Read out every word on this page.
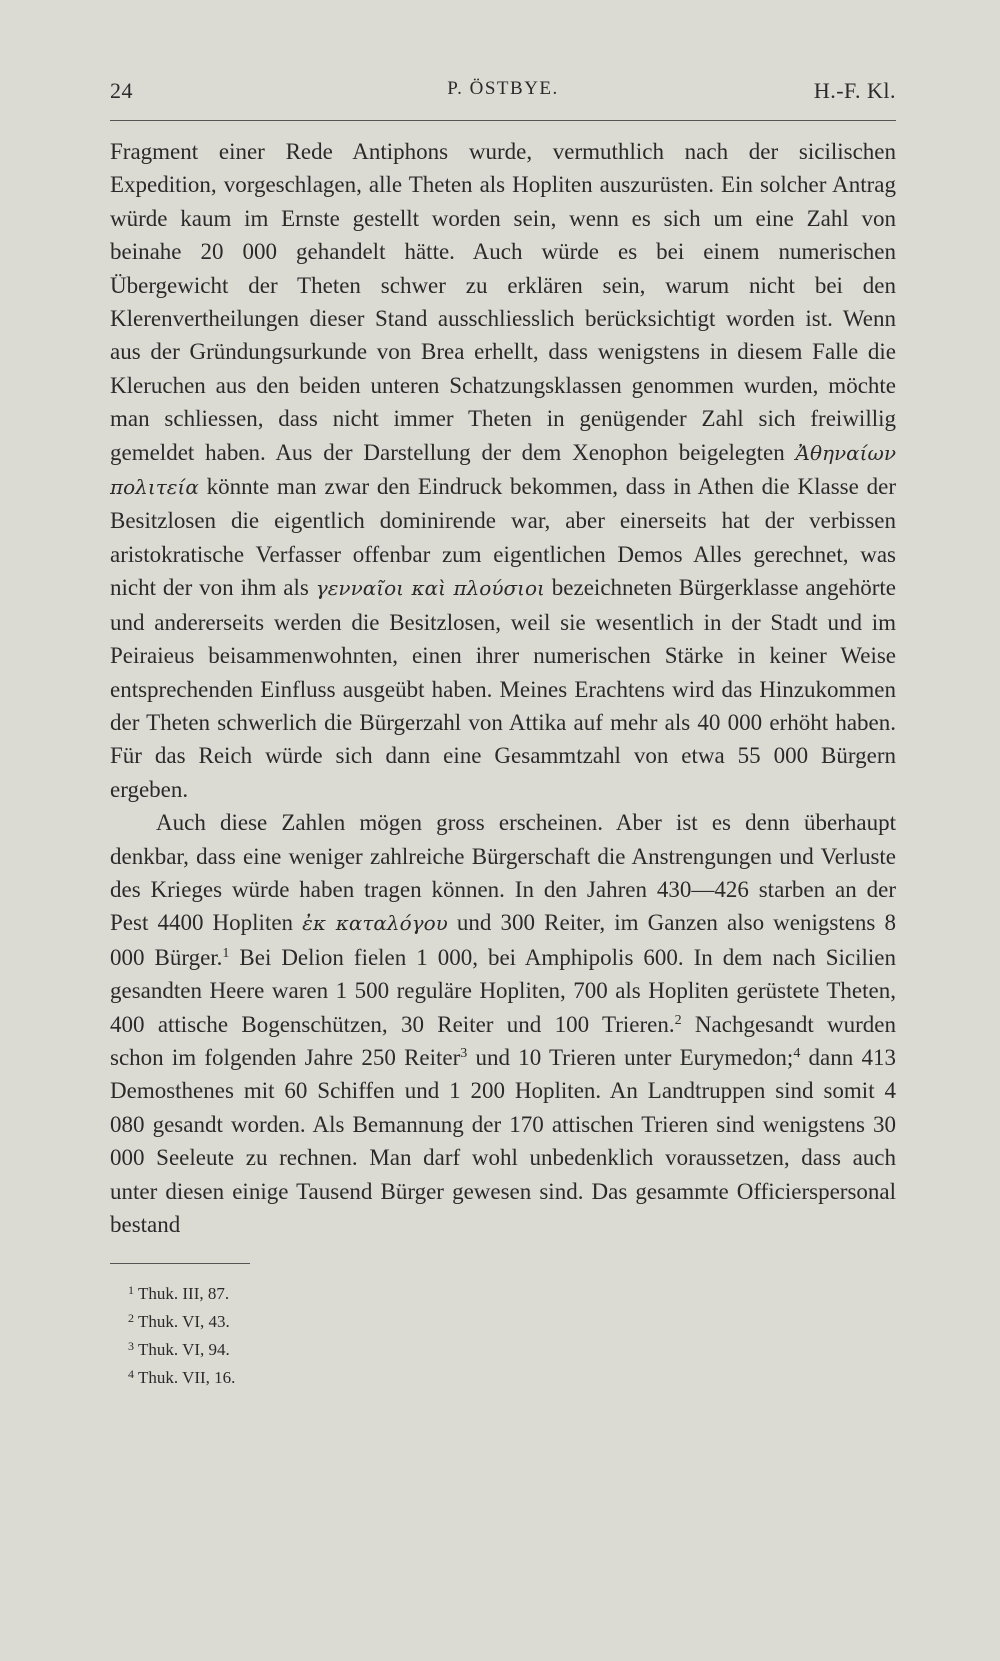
24	P. ÖSTBYE.	H.-F. Kl.

Fragment einer Rede Antiphons wurde, vermuthlich nach der sicilischen Expedition, vorgeschlagen, alle Theten als Hopliten auszurüsten. Ein solcher Antrag würde kaum im Ernste gestellt worden sein, wenn es sich um eine Zahl von beinahe 20 000 gehandelt hätte. Auch würde es bei einem numerischen Übergewicht der Theten schwer zu erklären sein, warum nicht bei den Klerenvertheilungen dieser Stand ausschliesslich berücksichtigt worden ist. Wenn aus der Gründungsurkunde von Brea erhellt, dass wenigstens in diesem Falle die Kleruchen aus den beiden unteren Schatzungsklassen genommen wurden, möchte man schliessen, dass nicht immer Theten in genügender Zahl sich freiwillig gemeldet haben. Aus der Darstellung der dem Xenophon beigelegten Ἀθηναίων πολιτεία könnte man zwar den Eindruck bekommen, dass in Athen die Klasse der Besitzlosen die eigentlich dominirende war, aber einerseits hat der verbissen aristokratische Verfasser offenbar zum eigentlichen Demos Alles gerechnet, was nicht der von ihm als γενναῖοι καὶ πλούσιοι bezeichneten Bürgerklasse angehörte und andererseits werden die Besitzlosen, weil sie wesentlich in der Stadt und im Peiraieus beisammenwohnten, einen ihrer numerischen Stärke in keiner Weise entsprechenden Einfluss ausgeübt haben. Meines Erachtens wird das Hinzukommen der Theten schwerlich die Bürgerzahl von Attika auf mehr als 40 000 erhöht haben. Für das Reich würde sich dann eine Gesammtzahl von etwa 55 000 Bürgern ergeben.

Auch diese Zahlen mögen gross erscheinen. Aber ist es denn überhaupt denkbar, dass eine weniger zahlreiche Bürgerschaft die Anstrengungen und Verluste des Krieges würde haben tragen können. In den Jahren 430—426 starben an der Pest 4400 Hopliten ἐκ καταλόγου und 300 Reiter, im Ganzen also wenigstens 8 000 Bürger.$^1$ Bei Delion fielen 1 000, bei Amphipolis 600. In dem nach Sicilien gesandten Heere waren 1 500 reguläre Hopliten, 700 als Hopliten gerüstete Theten, 400 attische Bogenschützen, 30 Reiter und 100 Trieren.$^2$ Nachgesandt wurden schon im folgenden Jahre 250 Reiter$^3$ und 10 Trieren unter Eurymedon;$^4$ dann 413 Demosthenes mit 60 Schiffen und 1 200 Hopliten. An Landtruppen sind somit 4 080 gesandt worden. Als Bemannung der 170 attischen Trieren sind wenigstens 30 000 Seeleute zu rechnen. Man darf wohl unbedenklich voraussetzen, dass auch unter diesen einige Tausend Bürger gewesen sind. Das gesammte Officierspersonal bestand

$^1$ Thuk. III, 87.
$^2$ Thuk. VI, 43.
$^3$ Thuk. VI, 94.
$^4$ Thuk. VII, 16.
